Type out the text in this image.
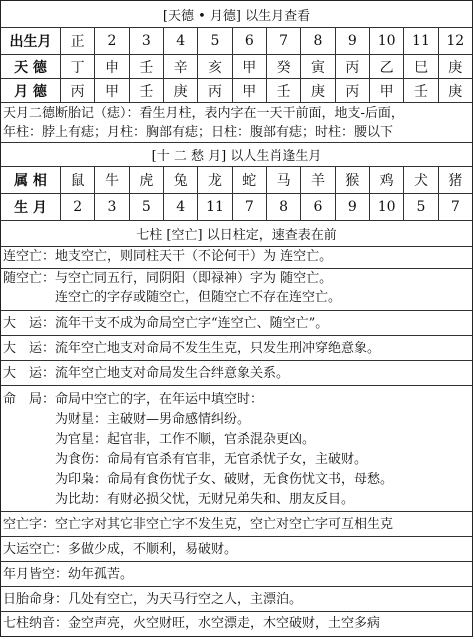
[天德 • 月德] 以生月查看
出生月	正	2	3	4	5	6	7	8	9	10	11	12
天 德	丁	申	壬	辛	亥	甲	癸	寅	丙	乙	巳	庚
月 德	丙	甲	壬	庚	丙	甲	壬	庚	丙	甲	壬	庚
天月二德断胎记（痣）：看生月柱，表内字在一天干前面，地支-后面，
年柱：脖上有痣；月柱：胸部有痣；日柱：腹部有痣；时柱：腰以下
[十 二 愁 月] 以人生肖逢生月
属 相	鼠	牛	虎	兔	龙	蛇	马	羊	猴	鸡	犬	猪
生 月	2	3	5	4	11	7	8	6	9	10	5	7
七柱 [空亡] 以日柱定，速查表在前
连空亡：地支空亡，则同柱天干（不论何干）为 连空亡。
随空亡：与空亡同五行，同阴阳（即禄神）字为 随空亡。
　　　　连空亡的字存或随空亡，但随空亡不存在连空亡。
大　运：流年干支不成为命局空亡字“连空亡、随空亡”。
大　运：流年空亡地支对命局不发生生克，只发生刑冲穿绝意象。
大　运：流年空亡地支对命局发生合绊意象关系。
命　局：命局中空亡的字，在年运中填空时：
　　　　为财星：主破财—男命感情纠纷。
　　　　为官星：起官非，工作不顺，官杀混杂更凶。
　　　　为食伤：命局有官杀有官非，无官杀忧子女，主破财。
　　　　为印枭：命局有食伤忧子女、破财，无食伤忧文书，母愁。
　　　　为比劫：有财必损父忧，无财兄弟失和、朋友反目。
空亡字：空亡字对其它非空亡字不发生克，空亡对空亡字可互相生克
大运空亡：多做少成，不顺利，易破财。
年月皆空：幼年孤苦。
日胎命身：几处有空亡，为天马行空之人，主漂泊。
七柱纳音：金空声亮，火空财旺，水空漂走，木空破财，土空多病
